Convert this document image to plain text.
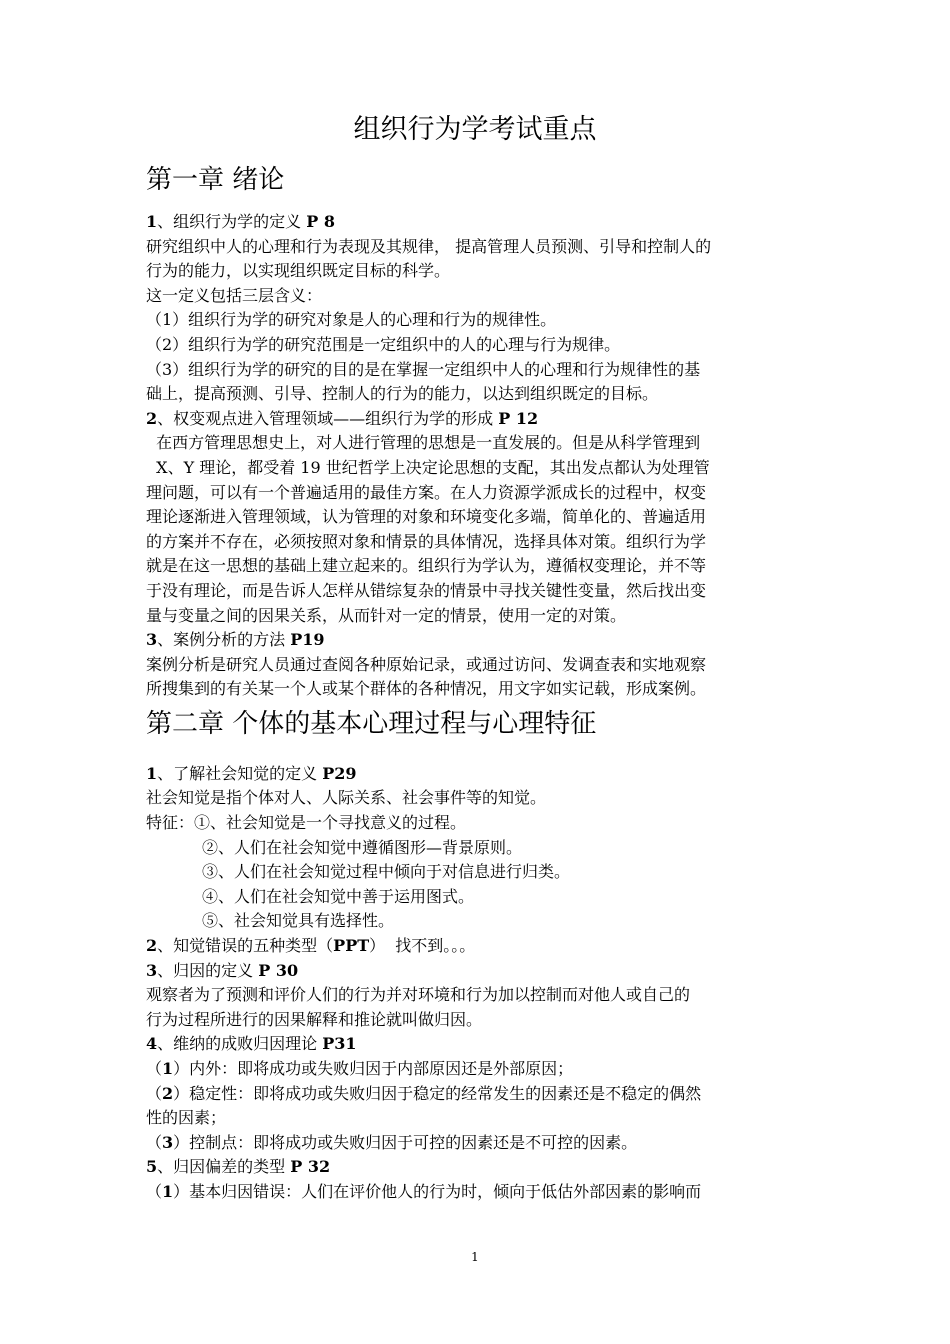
组织行为学考试重点
第一章 绪论
1、组织行为学的定义 P 8
研究组织中人的心理和行为表现及其规律， 提高管理人员预测、引导和控制人的
行为的能力，以实现组织既定目标的科学。
这一定义包括三层含义：
（1）组织行为学的研究对象是人的心理和行为的规律性。
（2）组织行为学的研究范围是一定组织中的人的心理与行为规律。
（3）组织行为学的研究的目的是在掌握一定组织中人的心理和行为规律性的基
础上，提高预测、引导、控制人的行为的能力，以达到组织既定的目标。
2、权变观点进入管理领域——组织行为学的形成 P 12
在西方管理思想史上，对人进行管理的思想是一直发展的。但是从科学管理到
X、Y 理论，都受着 19 世纪哲学上决定论思想的支配，其出发点都认为处理管
理问题，可以有一个普遍适用的最佳方案。在人力资源学派成长的过程中，权变
理论逐渐进入管理领域，认为管理的对象和环境变化多端，简单化的、普遍适用
的方案并不存在，必须按照对象和情景的具体情况，选择具体对策。组织行为学
就是在这一思想的基础上建立起来的。组织行为学认为，遵循权变理论，并不等
于没有理论，而是告诉人怎样从错综复杂的情景中寻找关键性变量，然后找出变
量与变量之间的因果关系，从而针对一定的情景，使用一定的对策。
3、案例分析的方法 P19
案例分析是研究人员通过查阅各种原始记录，或通过访问、发调查表和实地观察
所搜集到的有关某一个人或某个群体的各种情况，用文字如实记载，形成案例。
第二章 个体的基本心理过程与心理特征
1、了解社会知觉的定义 P29
社会知觉是指个体对人、人际关系、社会事件等的知觉。
特征：①、社会知觉是一个寻找意义的过程。
②、人们在社会知觉中遵循图形—背景原则。
③、人们在社会知觉过程中倾向于对信息进行归类。
④、人们在社会知觉中善于运用图式。
⑤、社会知觉具有选择性。
2、知觉错误的五种类型（PPT）  找不到。。。
3、归因的定义 P 30
观察者为了预测和评价人们的行为并对环境和行为加以控制而对他人或自己的
行为过程所进行的因果解释和推论就叫做归因。
4、维纳的成败归因理论 P31
（1）内外：即将成功或失败归因于内部原因还是外部原因；
（2）稳定性：即将成功或失败归因于稳定的经常发生的因素还是不稳定的偶然
性的因素；
（3）控制点：即将成功或失败归因于可控的因素还是不可控的因素。
5、归因偏差的类型 P 32
（1）基本归因错误：人们在评价他人的行为时，倾向于低估外部因素的影响而
1
